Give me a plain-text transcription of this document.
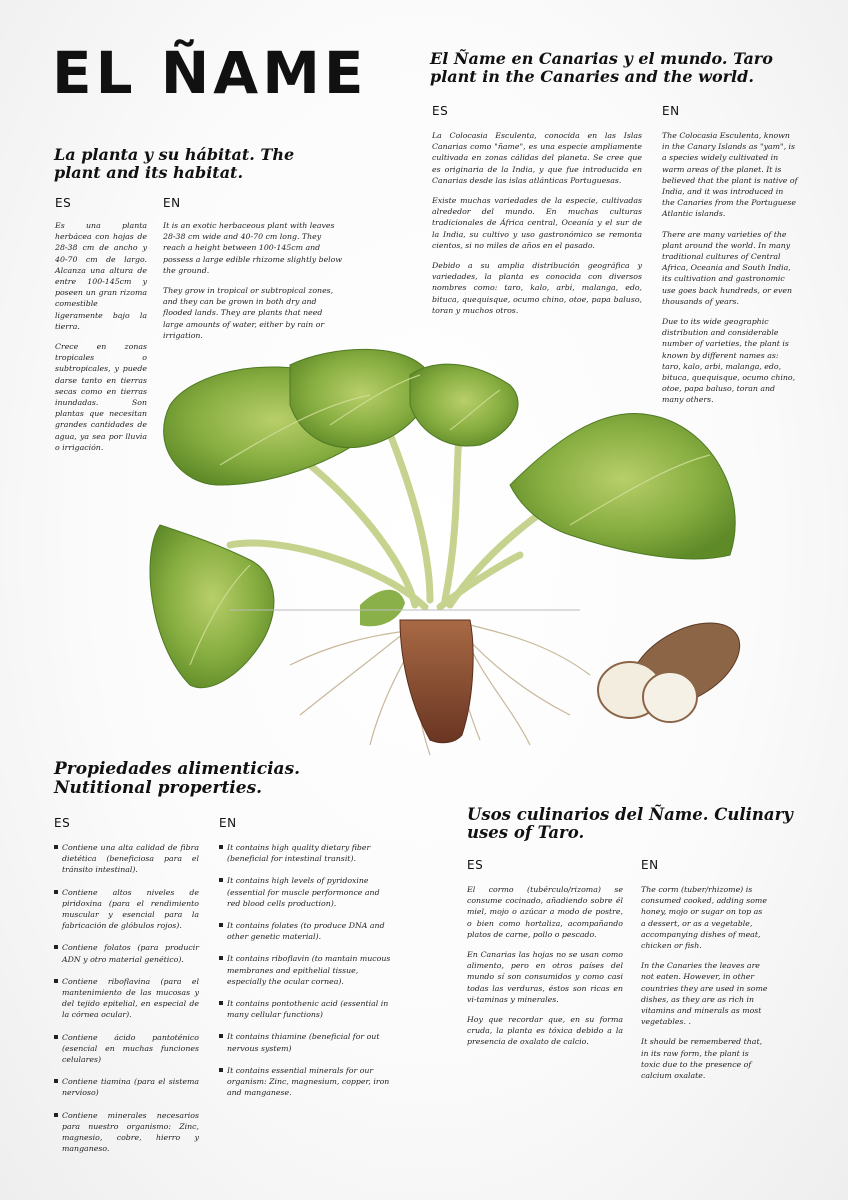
EL ÑAME	El Ñame en Canarias y el mundo. Taro plant in the Canaries and the world.
ES	EN

La Colocasia Esculenta, conocida en las Islas Canarias como "ñame", es una especie ampliamente cultivada en zonas cálidas del planeta. Se cree que es originaria de la India, y que fue introducida en Canarias desde las islas atlánticas Portuguesas.

Existe muchas variedades de la especie, cultivadas alrededor del mundo. En muchas culturas tradicionales de África central, Oceanía y el sur de la India, su cultivo y uso gastronómico se remonta cientos, si no miles de años en el pasado.

Debido a su amplia distribución geográfica y variedades, la planta es conocida con diversos nombres como: taro, kalo, arbi, malanga, edo, bituca, quequisque, ocumo chino, otoe, papa baluso, toran y muchos otros.

The Colocasia Esculenta, known in the Canary Islands as "yam", is a species widely cultivated in warm areas of the planet. It is believed that the plant is native of India, and it was introduced in the Canaries from the Portuguese Atlantic islands.

There are many varieties of the plant around the world. In many traditional cultures of Central Africa, Oceania and South India, its cultivation and gastronomic use goes back hundreds, or even thousands of years.

Due to its wide geographic distribution and considerable number of varieties, the plant is known by different names as: taro, kalo, arbi, malanga, edo, bituca, quequisque, ocumo chino, otoe, papa baluso, toran and many others.

La planta y su hábitat. The plant and its habitat.
ES	EN

Es una planta herbácea con hojas de 28-38 cm de ancho y 40-70 cm de largo. Alcanza una altura de entre 100-145cm y poseen un gran rizoma comestible ligeramente bajo la tierra.

Crece en zonas tropicales o subtropicales, y puede darse tanto en tierras secas como en tierras inundadas. Son plantas que necesitan grandes cantidades de agua, ya sea por lluvia o irrigación.

It is an exotic herbaceous plant with leaves 28-38 cm wide and 40-70 cm long. They reach a height between 100-145cm and possess a large edible rhizome slightly below the ground.

They grow in tropical or subtropical zones, and they can be grown in both dry and flooded lands. They are plants that need large amounts of water, either by rain or irrigation.

Propiedades alimenticias. Nutitional properties.
ES	EN
Contiene una alta calidad de fibra dietética (beneficiosa para el tránsito intestinal).
Contiene altos niveles de piridoxina (para el rendimiento muscular y esencial para la fabricación de glóbulos rojos).
Contiene folatos (para producir ADN y otro material genético).
Contiene riboflavina (para el mantenimiento de las mucosas y del tejido epitelial, en especial de la córnea ocular).
Contiene ácido pantoténico (esencial en muchas funciones celulares)
Contiene tiamina (para el sistema nervioso)
Contiene minerales necesarios para nuestro organismo: Zinc, magnesio, cobre, hierro y manganeso.
It contains high quality dietary fiber (beneficial for intestinal transit).
It contains high levels of pyridoxine (essential for muscle performonce and red blood cells production).
It contains folates (to produce DNA and other genetic material).
It contains riboflavin (to mantain mucous membranes and epithelial tissue, especially the ocular cornea).
It contains pontothenic acid (essential in many cellular functions)
It contains thiamine (beneficial for out nervous system)
It contains essential minerals for our organism: Zinc, magnesium, copper, iron and manganese.
Usos culinarios del Ñame. Culinary uses of Taro.
ES	EN

El cormo (tubérculo/rizoma) se consume cocinado, añadiendo sobre él miel, mojo o azúcar a modo de postre, o bien como hortaliza, acompañando platos de carne, pollo o pescado.

En Canarias las hojas no se usan como alimento, pero en otros países del mundo sí son consumidos y como casi todas las verduras, éstos son ricas en vi-taminas y minerales.

Hoy que recordar que, en su forma cruda, la planta es tóxica debido a la presencia de oxalato de calcio.

The corm (tuber/rhizome) is consumed cooked, adding some honey, mojo or sugar on top as a dessert, or as a vegetable, accompanying dishes of meat, chicken or fish.

In the Canaries the leaves are not eaten. However, in other countries they are used in some dishes, as they are as rich in vitamins and minerals as most vegetables. .

It should be remembered that, in its raw form, the plant is toxic due to the presence of calcium oxalate.
